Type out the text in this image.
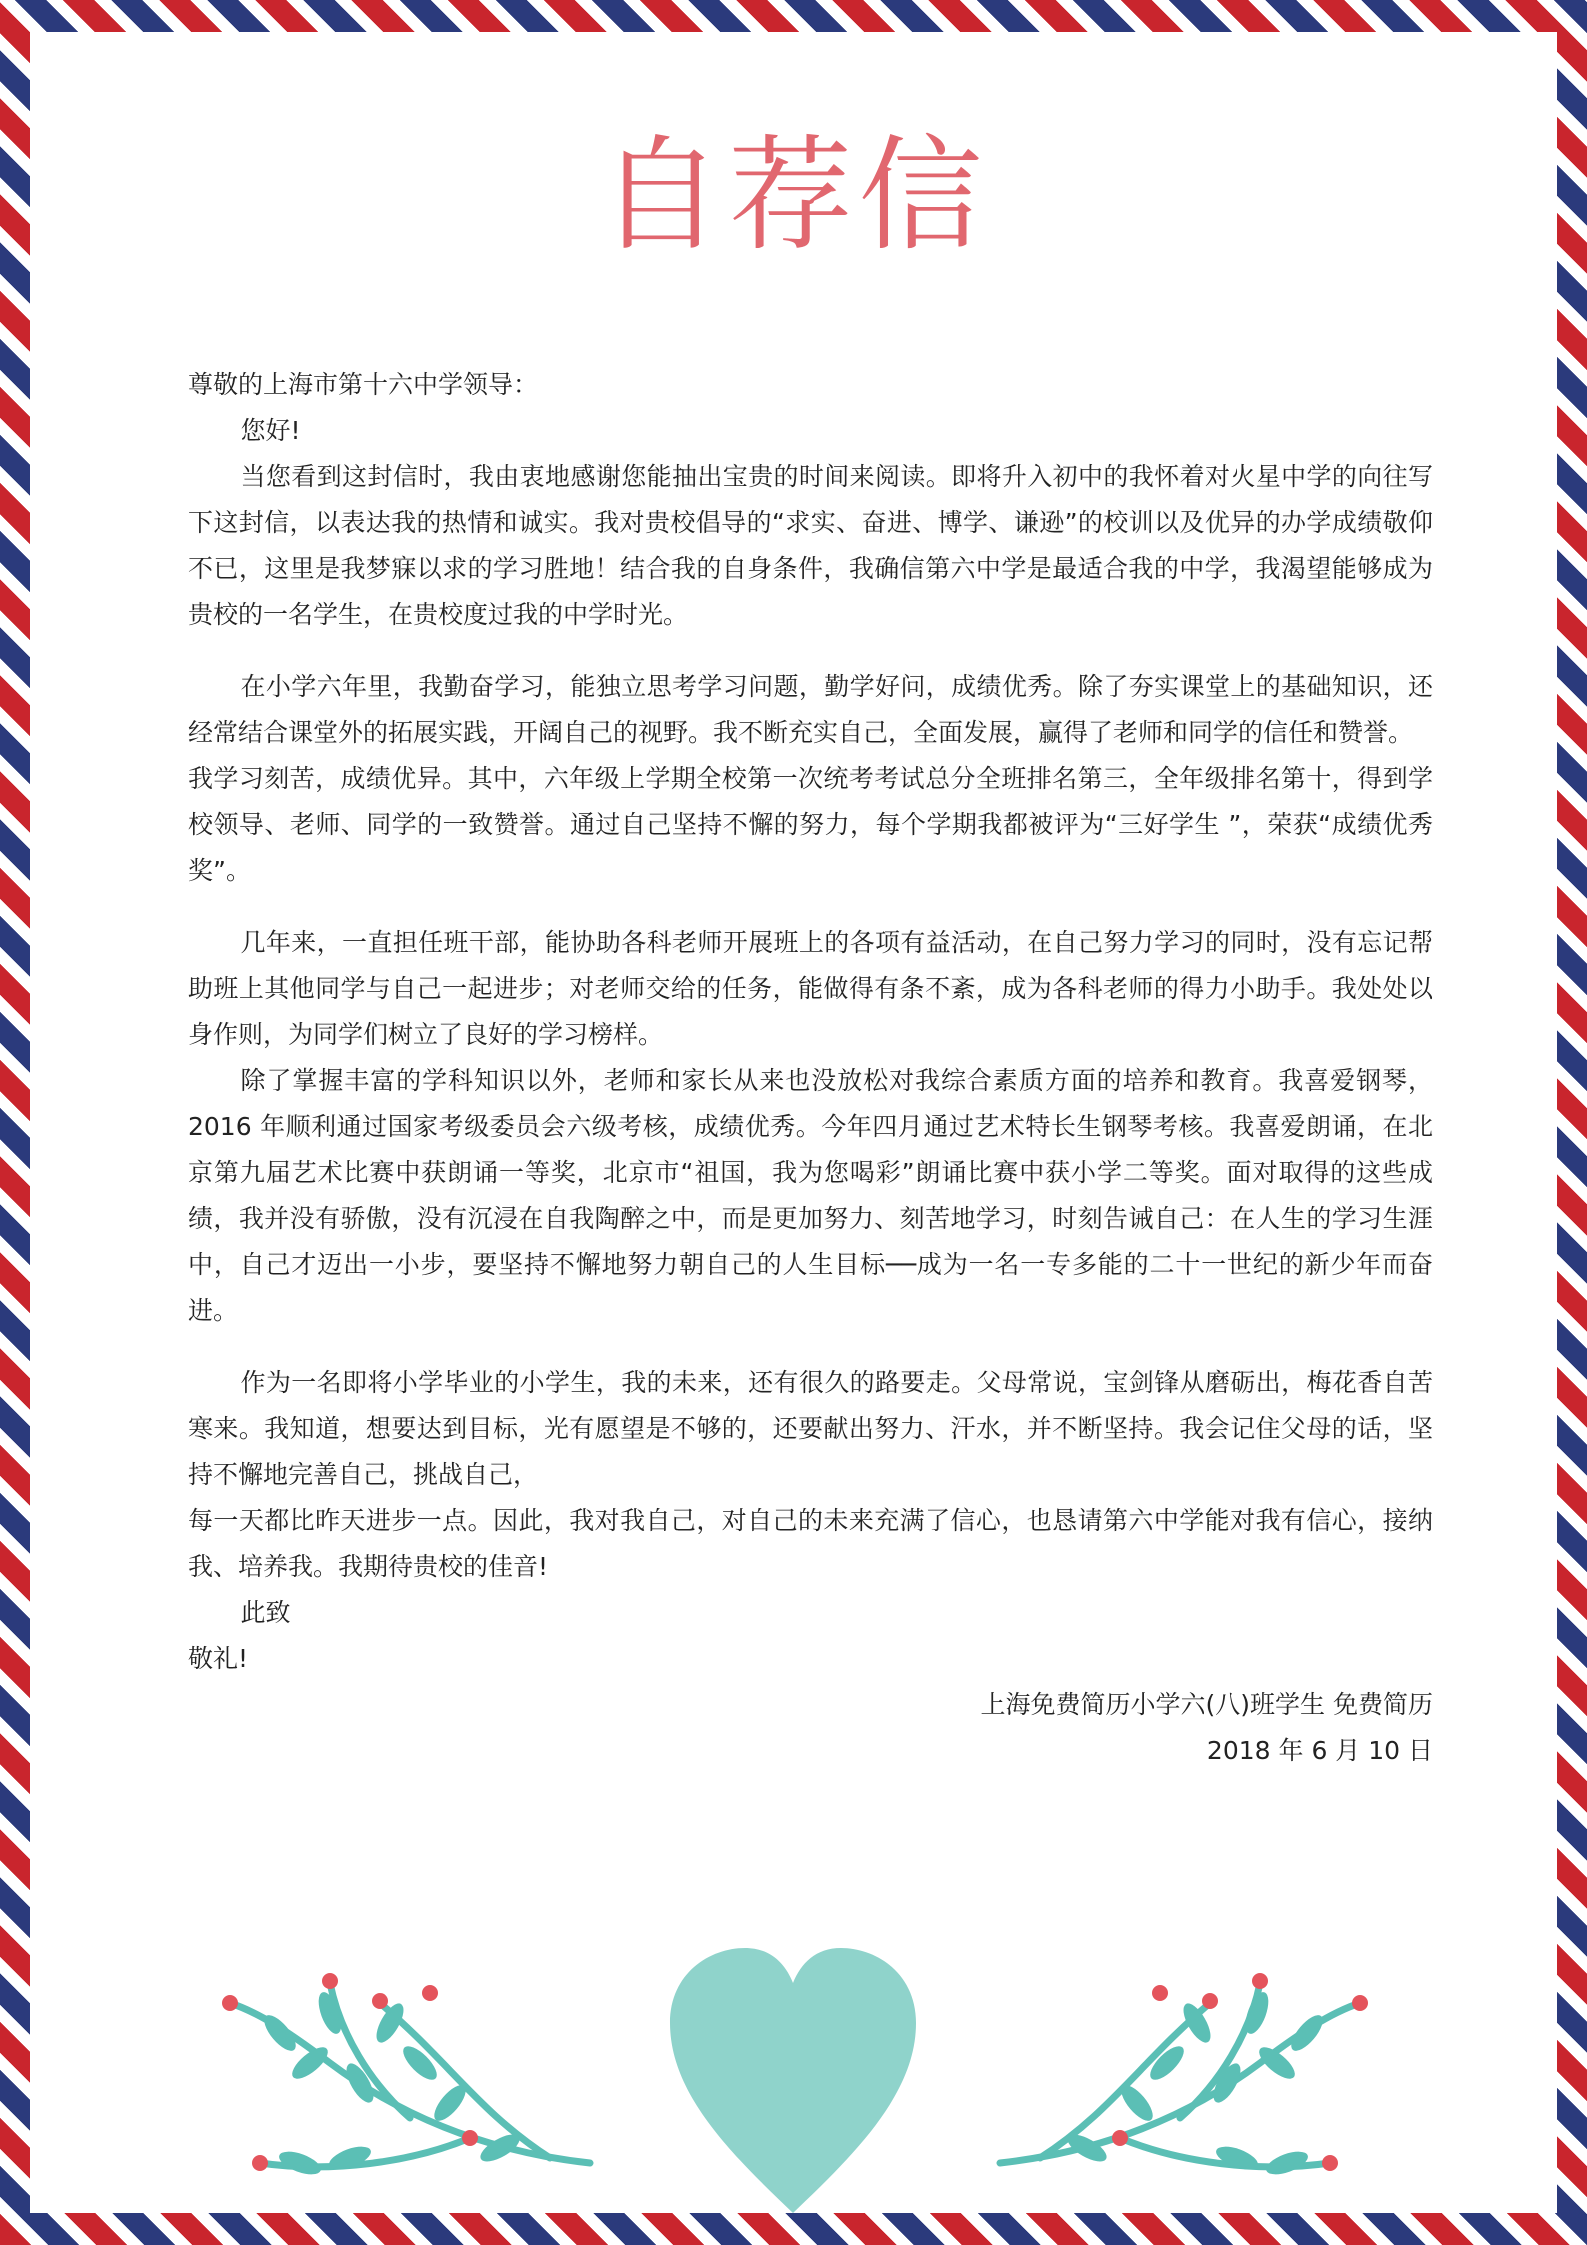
自荐信

尊敬的上海市第十六中学领导：

您好!

当您看到这封信时，我由衷地感谢您能抽出宝贵的时间来阅读。即将升入初中的我怀着对火星中学的向往写下这封信，以表达我的热情和诚实。我对贵校倡导的“求实、奋进、博学、谦逊”的校训以及优异的办学成绩敬仰不已，这里是我梦寐以求的学习胜地！结合我的自身条件，我确信第六中学是最适合我的中学，我渴望能够成为贵校的一名学生，在贵校度过我的中学时光。

在小学六年里，我勤奋学习，能独立思考学习问题，勤学好问，成绩优秀。除了夯实课堂上的基础知识，还经常结合课堂外的拓展实践，开阔自己的视野。我不断充实自己，全面发展，赢得了老师和同学的信任和赞誉。

我学习刻苦，成绩优异。其中，六年级上学期全校第一次统考考试总分全班排名第三，全年级排名第十，得到学校领导、老师、同学的一致赞誉。通过自己坚持不懈的努力，每个学期我都被评为“三好学生 ”，荣获“成绩优秀奖”。

几年来，一直担任班干部，能协助各科老师开展班上的各项有益活动，在自己努力学习的同时，没有忘记帮助班上其他同学与自己一起进步；对老师交给的任务，能做得有条不紊，成为各科老师的得力小助手。我处处以身作则，为同学们树立了良好的学习榜样。

除了掌握丰富的学科知识以外，老师和家长从来也没放松对我综合素质方面的培养和教育。我喜爱钢琴，2016 年顺利通过国家考级委员会六级考核，成绩优秀。今年四月通过艺术特长生钢琴考核。我喜爱朗诵，在北京第九届艺术比赛中获朗诵一等奖，北京市“祖国，我为您喝彩”朗诵比赛中获小学二等奖。面对取得的这些成绩，我并没有骄傲，没有沉浸在自我陶醉之中，而是更加努力、刻苦地学习，时刻告诫自己：在人生的学习生涯中，自己才迈出一小步，要坚持不懈地努力朝自己的人生目标──成为一名一专多能的二十一世纪的新少年而奋进。

作为一名即将小学毕业的小学生，我的未来，还有很久的路要走。父母常说，宝剑锋从磨砺出，梅花香自苦寒来。我知道，想要达到目标，光有愿望是不够的，还要献出努力、汗水，并不断坚持。我会记住父母的话，坚持不懈地完善自己，挑战自己，

每一天都比昨天进步一点。因此，我对我自己，对自己的未来充满了信心，也恳请第六中学能对我有信心，接纳我、培养我。我期待贵校的佳音!

此致

敬礼!

上海免费简历小学六(八)班学生 免费简历

2018 年 6 月 10 日
